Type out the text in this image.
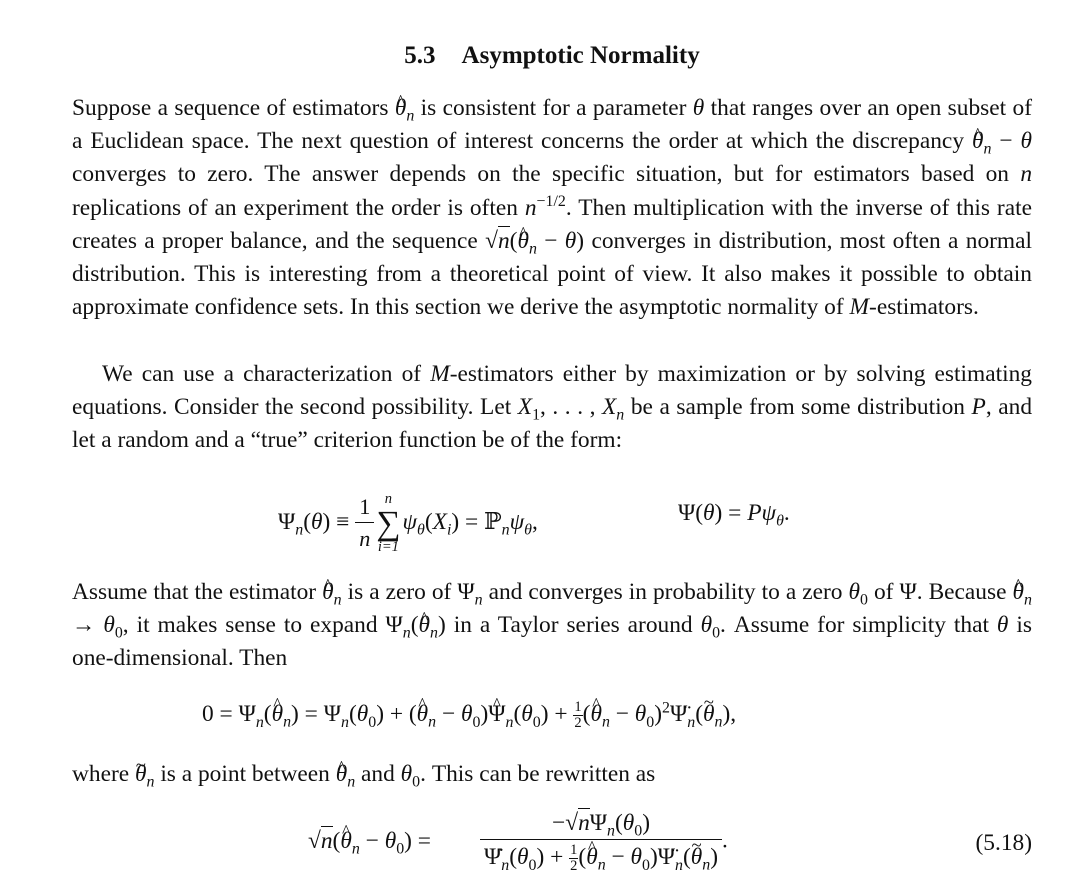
5.3 Asymptotic Normality

Suppose a sequence of estimators ^ $\theta_n$ is consistent for a parameter θ that ranges over an open subset of a Euclidean space. The next question of interest concerns the order at which the discrepancy ^ $\theta_n - \theta$ converges to zero. The answer depends on the specific situation, but for estimators based on n replications of an experiment the order is often $n^{-1/2}$. Then multiplication with the inverse of this rate creates a proper balance, and the sequence √n(^ $\theta_n - \theta$) converges in distribution, most often a normal distribution. This is interesting from a theoretical point of view. It also makes it possible to obtain approximate confidence sets. In this section we derive the asymptotic normality of M-estimators.

We can use a characterization of M-estimators either by maximization or by solving estimating equations. Consider the second possibility. Let $X_1$, . . . , $X_n$ be a sample from some distribution P, and let a random and a “true” criterion function be of the form:

$\Psi_n(\theta) \equiv \frac{1}{n}$ n
∑
i=1
$\psi_\theta(X_i)$ = $ℙ_n\psi_\theta$,	$\Psi(\theta) = P\psi_\theta$.

Assume that the estimator ^ $\theta_n$ is a zero of $\Psi_n$ and converges in probability to a zero $\theta_0$ of Ψ. Because ^ $\theta_n \to \theta_0$, it makes sense to expand $\Psi_n(\^{}$ $\theta_n$) in a Taylor series around $\theta_0$. Assume for simplicity that θ is one-dimensional. Then

$0 = \Psi_n(\^{}$ $\theta_n) = \Psi_n(\theta_0)$ + (^ $\theta_n$ − $\theta_0)\^{}$ $\Psi_n(\theta_0) + \frac{1}{2}$ (^ $\theta_n$ − $\theta_0)^2\Psï_n(\sim$ $\theta_n$),

where ~ $\theta_n$ is a point between ^ $\theta_n$ and $\theta_0$. This can be rewritten as

√n(^ $\theta_n - \theta_0) = \frac{-√n\Psi_n(\theta_0)}{\Psi̇_n(\theta_0) + \frac{1}{2} (\^{} \theta_n - \theta_0)\Psï_n(\sim \theta_n)}$ .	(5.18)
